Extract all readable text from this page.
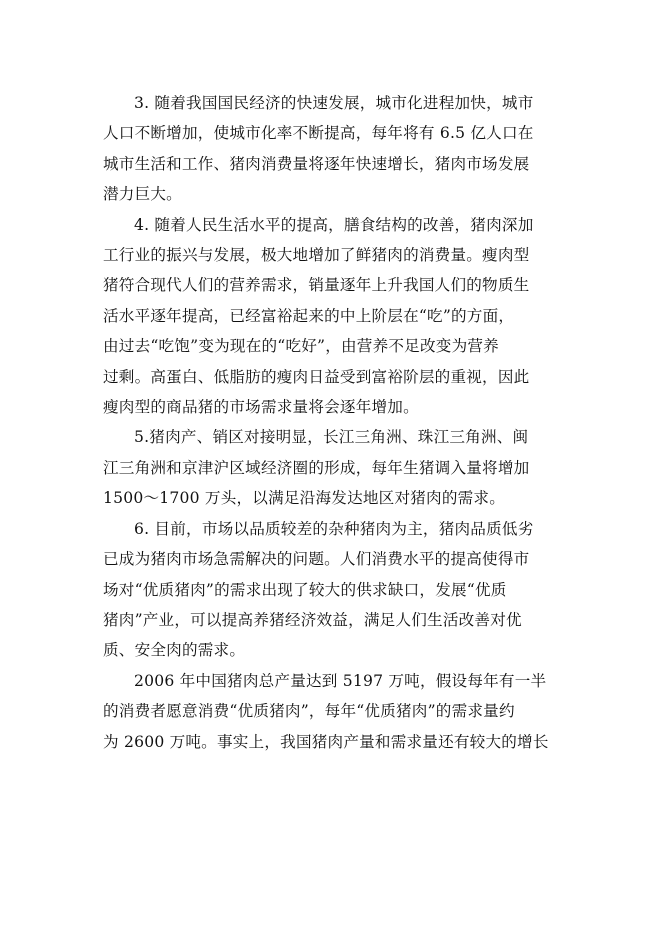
3. 随着我国国民经济的快速发展，城市化进程加快，城市
人口不断增加，使城市化率不断提高，每年将有 6.5 亿人口在
城市生活和工作、猪肉消费量将逐年快速增长，猪肉市场发展
潜力巨大。

4. 随着人民生活水平的提高，膳食结构的改善，猪肉深加
工行业的振兴与发展，极大地增加了鲜猪肉的消费量。瘦肉型
猪符合现代人们的营养需求，销量逐年上升我国人们的物质生
活水平逐年提高，已经富裕起来的中上阶层在“吃”的方面，
由过去“吃饱”变为现在的“吃好”，由营养不足改变为营养
过剩。高蛋白、低脂肪的瘦肉日益受到富裕阶层的重视，因此
瘦肉型的商品猪的市场需求量将会逐年增加。

5.猪肉产、销区对接明显，长江三角洲、珠江三角洲、闽
江三角洲和京津沪区域经济圈的形成，每年生猪调入量将增加
1500～1700 万头，以满足沿海发达地区对猪肉的需求。

6. 目前，市场以品质较差的杂种猪肉为主，猪肉品质低劣
已成为猪肉市场急需解决的问题。人们消费水平的提高使得市
场对“优质猪肉”的需求出现了较大的供求缺口，发展“优质
猪肉”产业，可以提高养猪经济效益，满足人们生活改善对优
质、安全肉的需求。

2006 年中国猪肉总产量达到 5197 万吨，假设每年有一半
的消费者愿意消费“优质猪肉”，每年“优质猪肉”的需求量约
为 2600 万吨。事实上，我国猪肉产量和需求量还有较大的增长
